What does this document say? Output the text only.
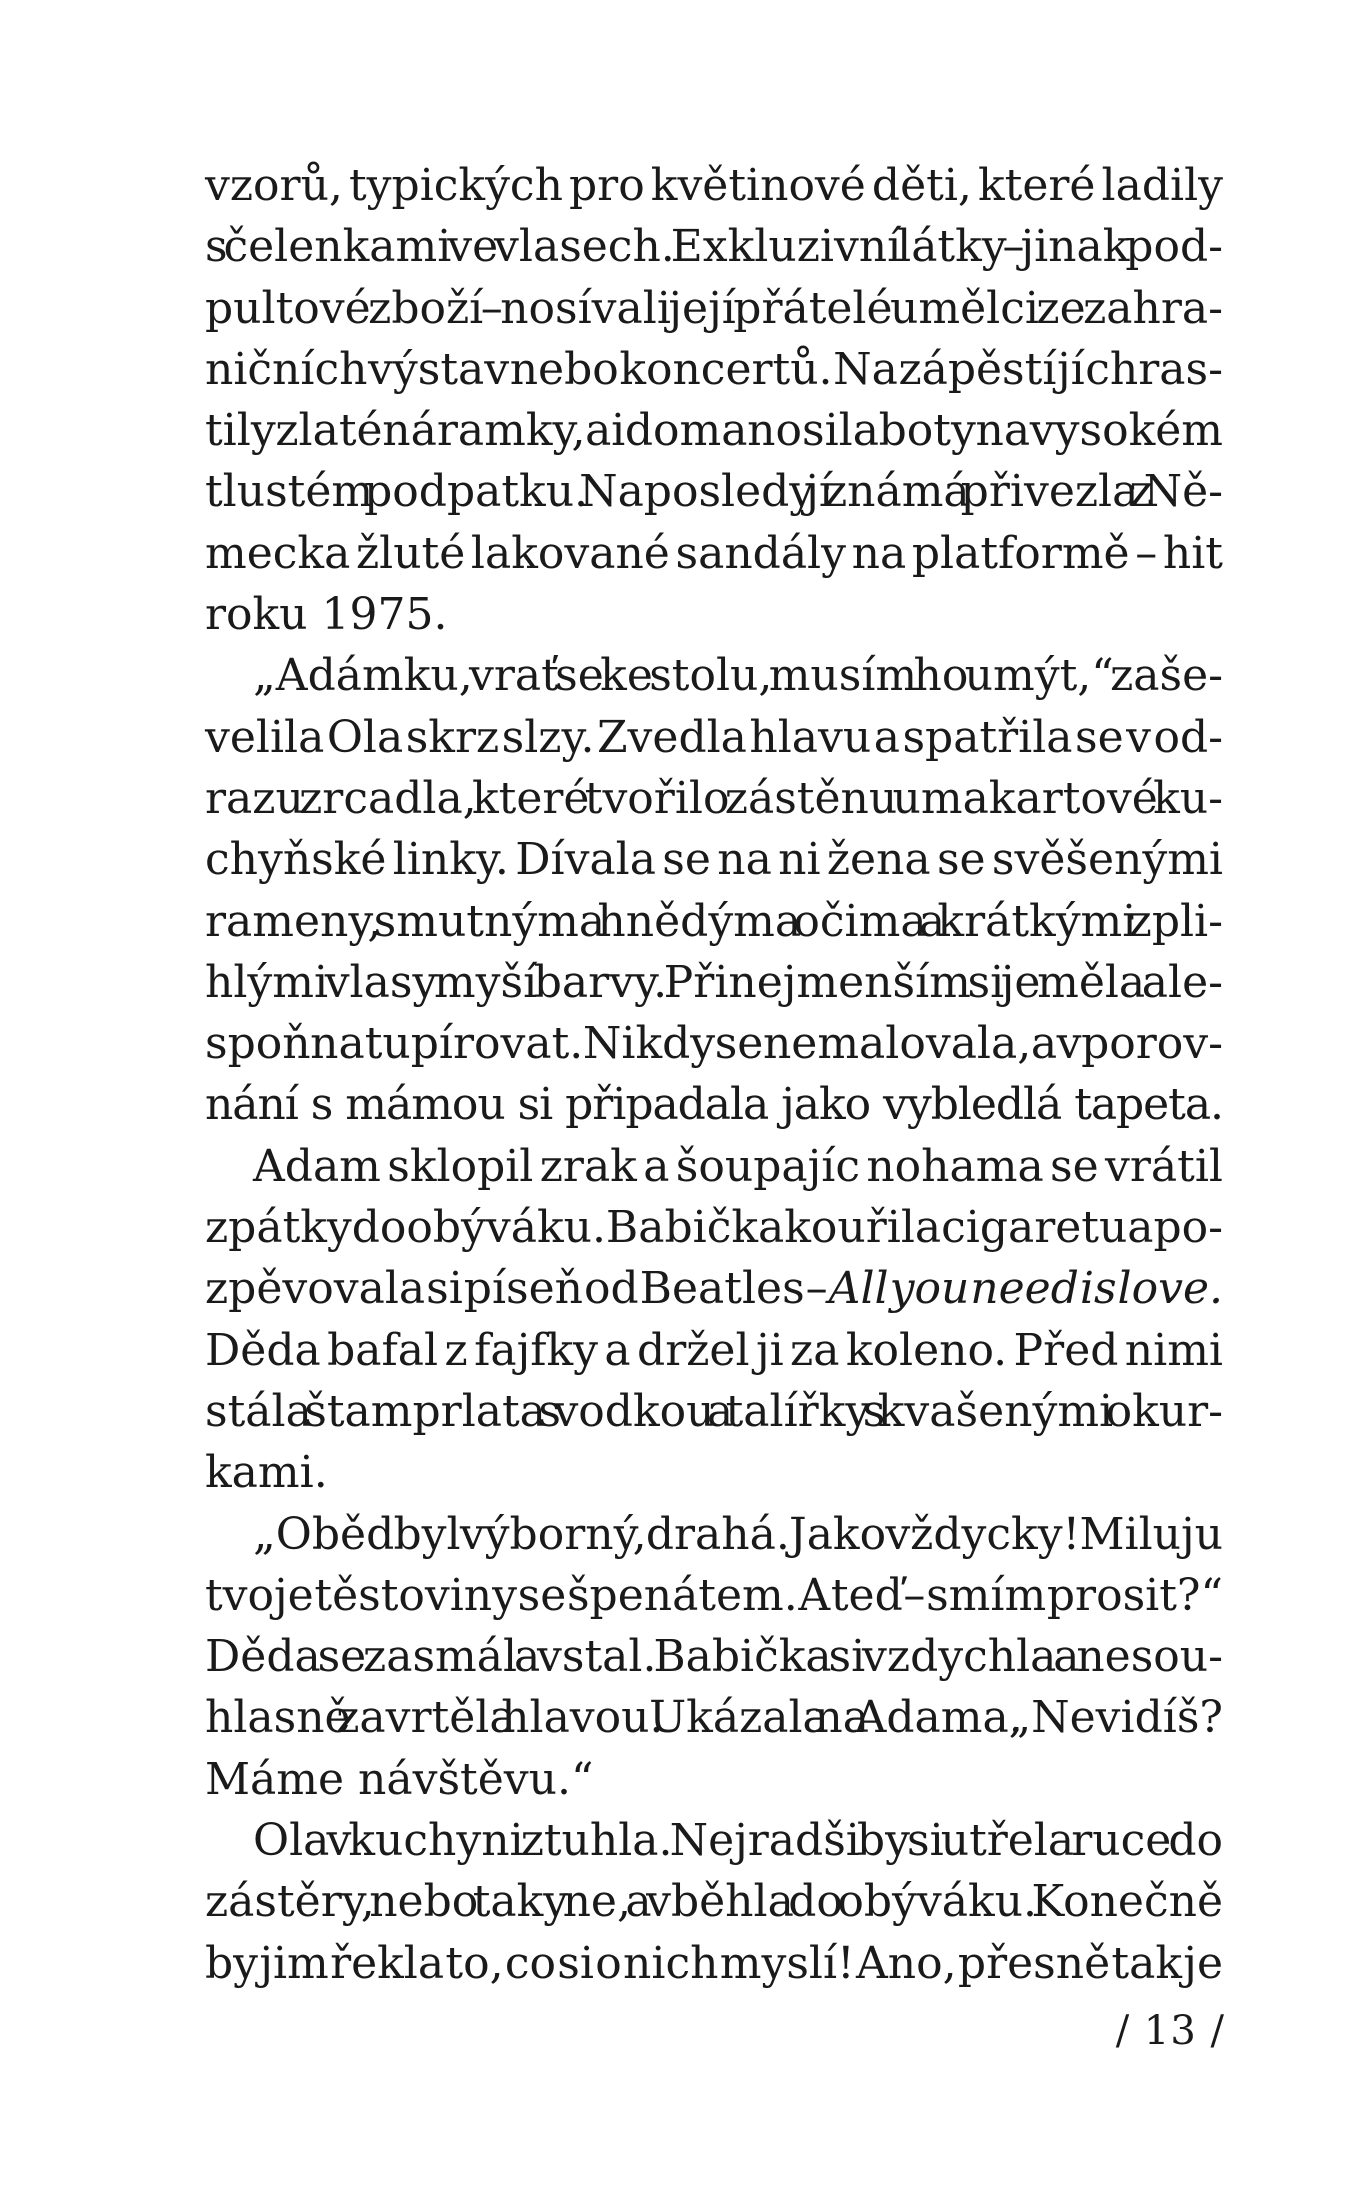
vzorů, typických pro květinové děti, které ladily
s čelenkami ve vlasech. Exkluzivní látky – jinak pod-
pultové zboží – nosívali její přátelé umělci ze zahra-
ničních výstav nebo koncertů. Na zápěstí jí chras-
tily zlaté náramky, a i doma nosila boty na vysokém
tlustém podpatku. Naposledy jí známá přivezla z Ně-
mecka žluté lakované sandály na platformě – hit
roku 1975.
„Adámku, vrať se ke stolu, musím ho umýt,“ zaše-
velila Ola skrz slzy. Zvedla hlavu a spatřila se v od-
razu zrcadla, které tvořilo zástěnu umakartové ku-
chyňské linky. Dívala se na ni žena se svěšenými
rameny, smutnýma hnědýma očima a krátkými zpli-
hlými vlasy myší barvy. Přinejmenším si je měla ale-
spoň natupírovat. Nikdy se nemalovala, a v porov-
nání s mámou si připadala jako vybledlá tapeta.
Adam sklopil zrak a šoupajíc nohama se vrátil
zpátky do obýváku. Babička kouřila cigaretu a po-
zpěvovala si píseň od Beatles – All you need is love.
Děda bafal z fajfky a držel ji za koleno. Před nimi
stála štamprlata s vodkou a talířky s kvašenými okur-
kami.
„Oběd byl výborný, drahá. Jako vždycky! Miluju
tvoje těstoviny se špenátem. A teď – smím prosit?“
Děda se zasmál a vstal. Babička si vzdychla a nesou-
hlasně zavrtěla hlavou. Ukázala na Adama. „Nevidíš?
Máme návštěvu.“
Ola v kuchyni ztuhla. Nejradši by si utřela ruce do
zástěry, nebo taky ne, a vběhla do obýváku. Konečně
by jim řekla to, co si o nich myslí! Ano, přesně tak je
/ 13 /
